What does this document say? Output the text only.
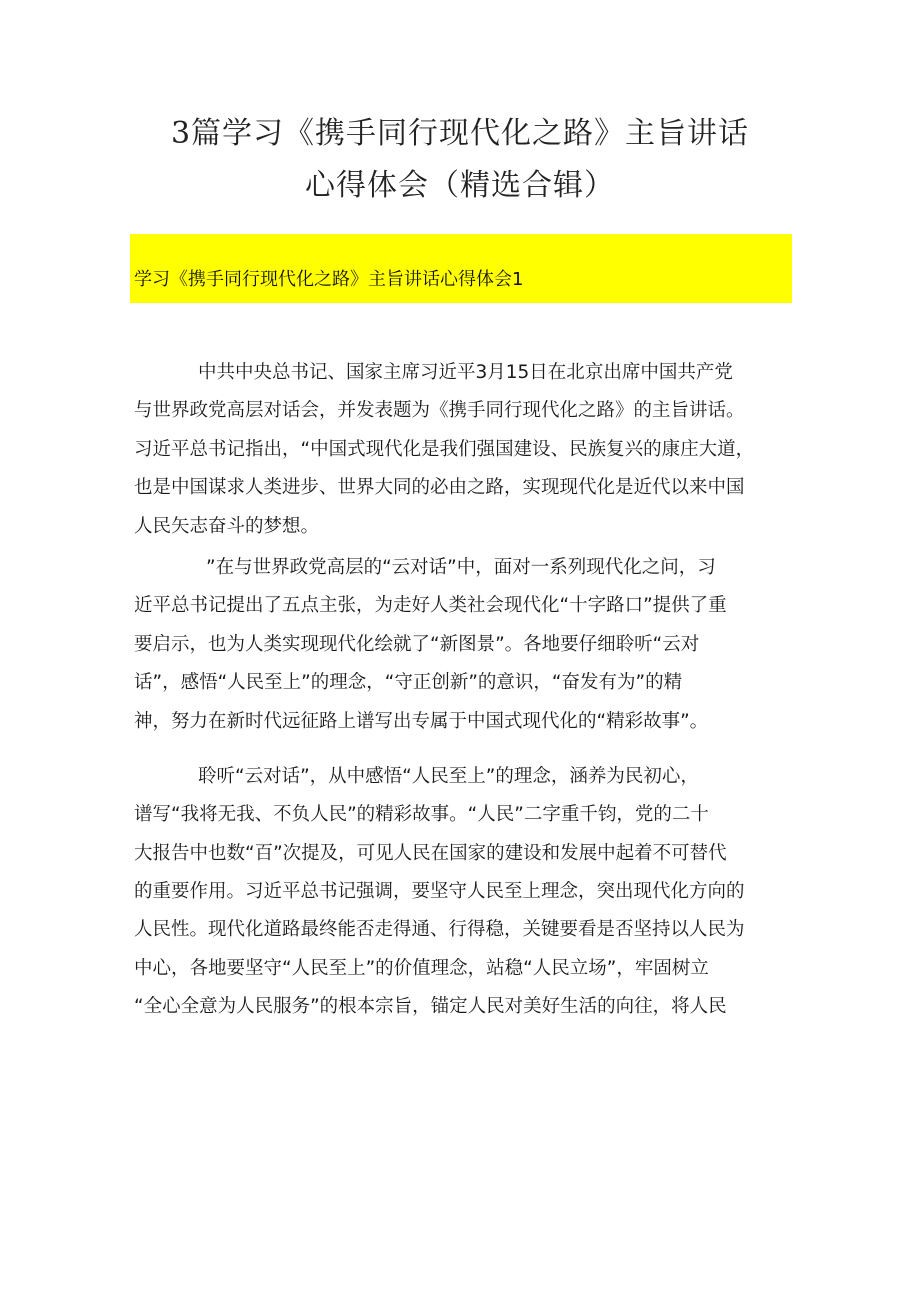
3篇学习《携手同行现代化之路》主旨讲话
心得体会（精选合辑）
学习《携手同行现代化之路》主旨讲话心得体会1
中共中央总书记、国家主席习近平3月15日在北京出席中国共产党
与世界政党高层对话会，并发表题为《携手同行现代化之路》的主旨讲话。
习近平总书记指出，“中国式现代化是我们强国建设、民族复兴的康庄大道，
也是中国谋求人类进步、世界大同的必由之路，实现现代化是近代以来中国
人民矢志奋斗的梦想。
”在与世界政党高层的“云对话”中，面对一系列现代化之问，习
近平总书记提出了五点主张，为走好人类社会现代化“十字路口”提供了重
要启示，也为人类实现现代化绘就了“新图景”。各地要仔细聆听“云对
话”，感悟“人民至上”的理念，“守正创新”的意识，“奋发有为”的精
神，努力在新时代远征路上谱写出专属于中国式现代化的“精彩故事”。
聆听“云对话”，从中感悟“人民至上”的理念，涵养为民初心，
谱写“我将无我、不负人民”的精彩故事。“人民”二字重千钧，党的二十
大报告中也数“百”次提及，可见人民在国家的建设和发展中起着不可替代
的重要作用。习近平总书记强调，要坚守人民至上理念，突出现代化方向的
人民性。现代化道路最终能否走得通、行得稳，关键要看是否坚持以人民为
中心，各地要坚守“人民至上”的价值理念，站稳“人民立场”，牢固树立
“全心全意为人民服务”的根本宗旨，锚定人民对美好生活的向往，将人民
